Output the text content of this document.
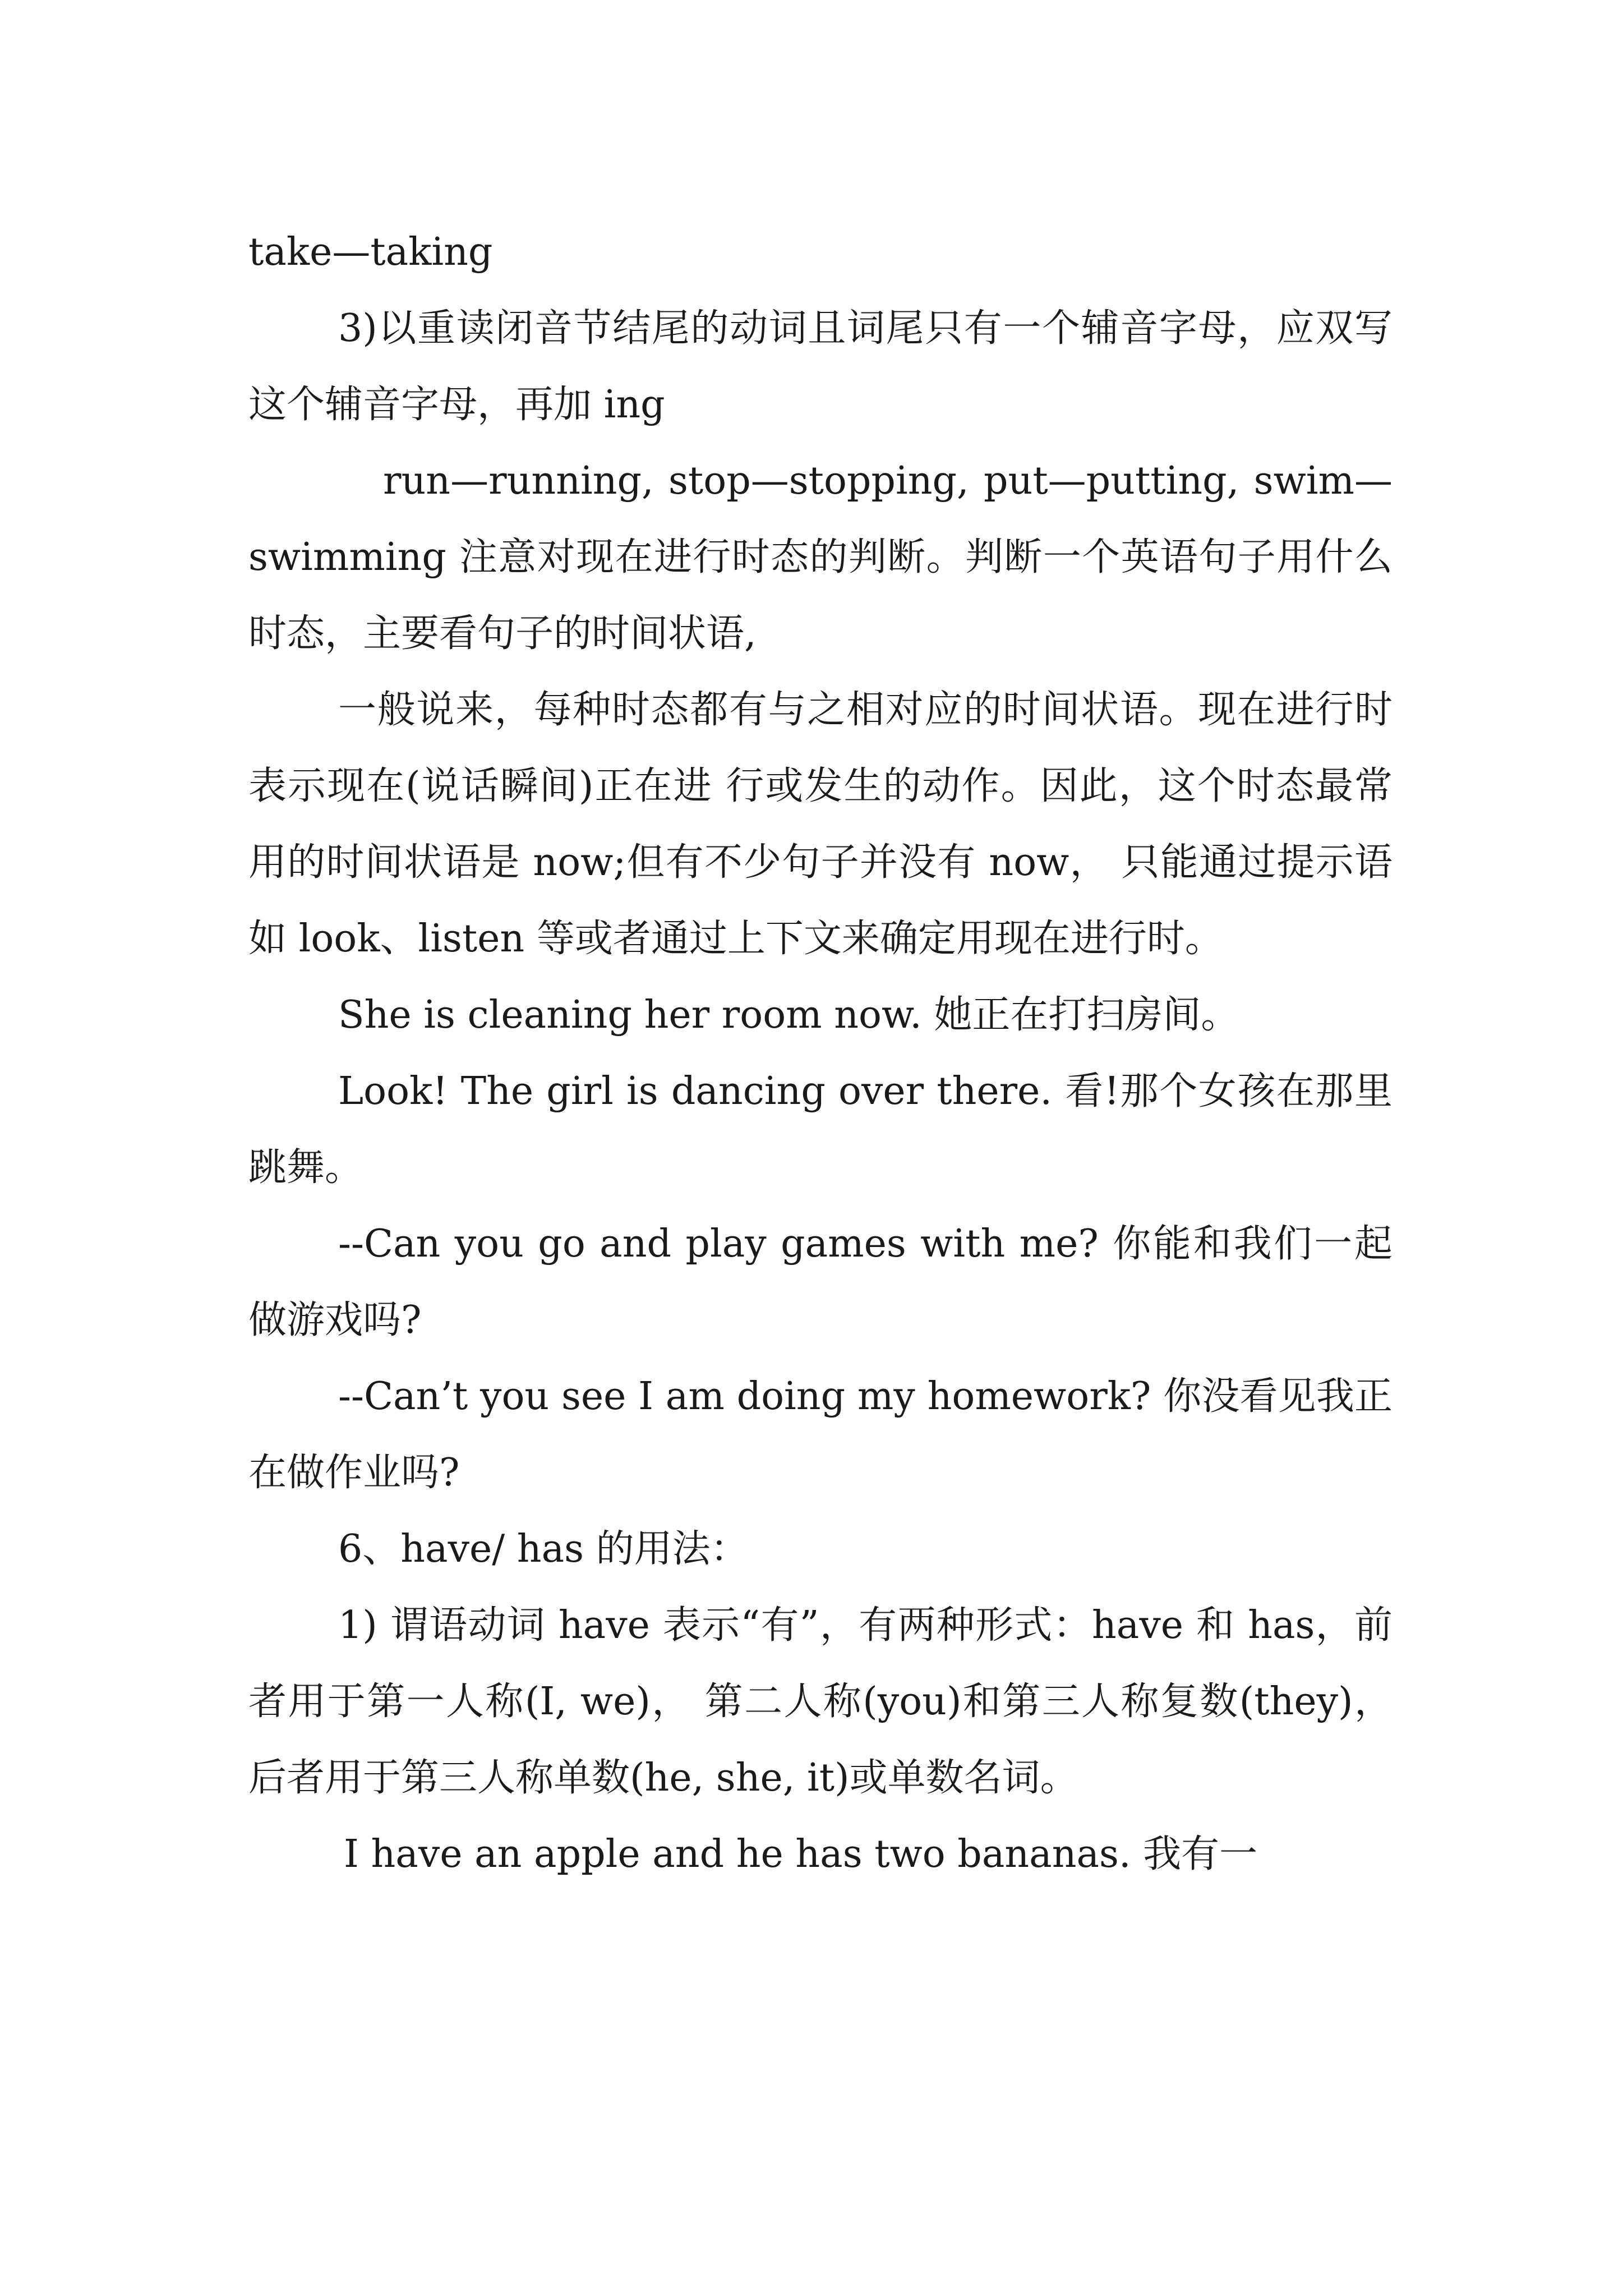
take—taking

3)以重读闭音节结尾的动词且词尾只有一个辅音字母，应双写这个辅音字母，再加 ing

run—running, stop—stopping, put—putting, swim—swimming 注意对现在进行时态的判断。判断一个英语句子用什么时态，主要看句子的时间状语,

一般说来，每种时态都有与之相对应的时间状语。现在进行时表示现在(说话瞬间)正在进 行或发生的动作。因此，这个时态最常用的时间状语是 now;但有不少句子并没有 now， 只能通过提示语如 look、listen 等或者通过上下文来确定用现在进行时。

She is cleaning her room now. 她正在打扫房间。

Look! The girl is dancing over there. 看!那个女孩在那里跳舞。

--Can you go and play games with me? 你能和我们一起做游戏吗?

--Can’t you see I am doing my homework? 你没看见我正在做作业吗?

6、have/ has 的用法：

1) 谓语动词 have 表示“有”，有两种形式：have 和 has，前者用于第一人称(I, we)， 第二人称(you)和第三人称复数(they)，后者用于第三人称单数(he, she, it)或单数名词。

I have an apple and he has two bananas. 我有一
